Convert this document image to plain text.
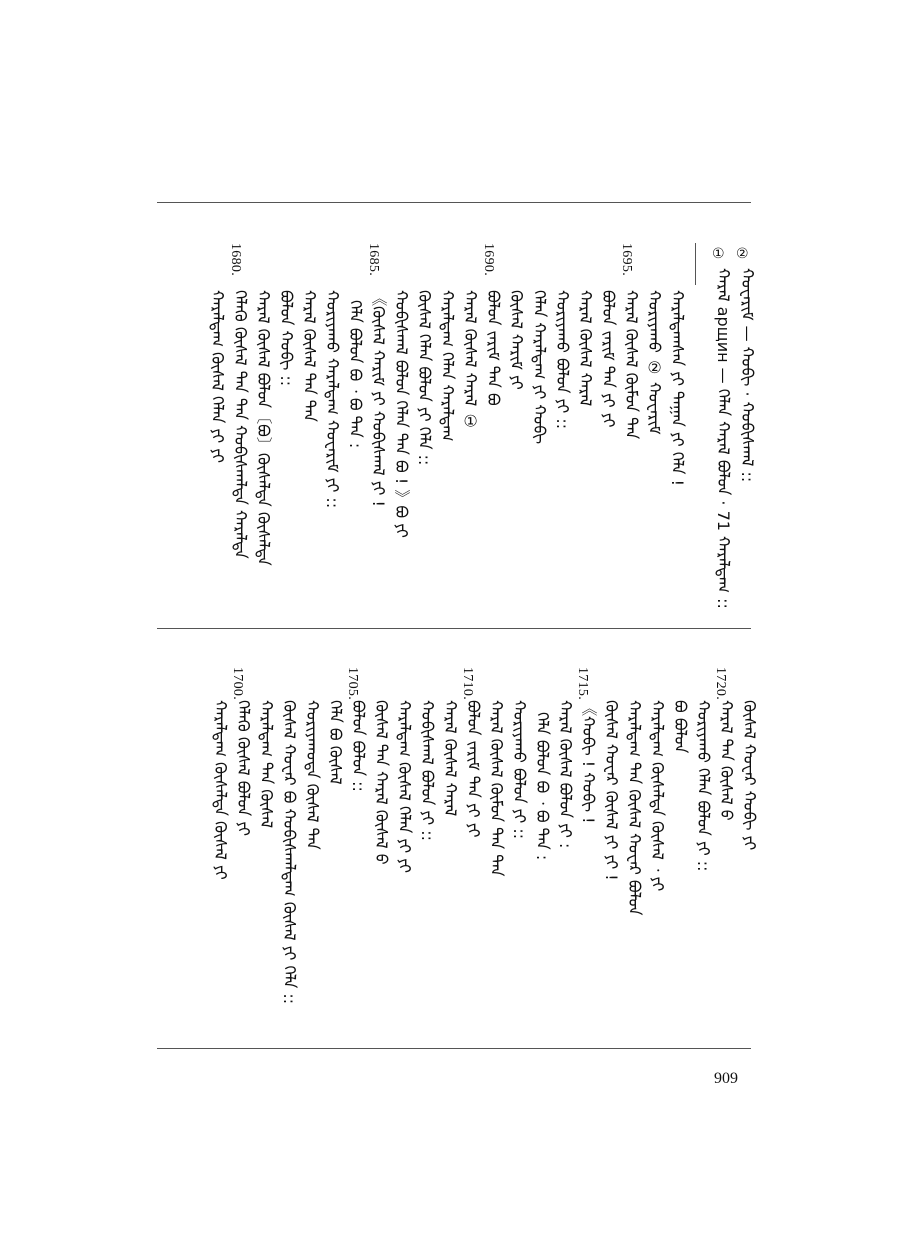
②
ᠬᠣᠸᠠᠷᠢᠮ — ᠬᠣᠪᠢ · ᠬᠤᠪᠢᠰᠬᠠᠯ ::
①
ᠬᠠᠷᠠᠯ арщин — ᠬᠡᠯᠡᠨ ᠬᠠᠷᠠᠯ ᠪᠣᠯᠤᠨ · 71 ᠬᠠᠷᠠᠯᠳᠠᠭ ::
ᠬᠠᠷᠠᠯᠳᠠᠭᠰᠠᠨ ᠶᠢ ᠳᠠᠭᠠᠨ ᠶᠢ ᠬᠡᠯᠡ !
ᠬᠤᠷᠢᠶᠠᠬᠤ ② ᠬᠣᠸᠠᠷᠢᠮ
ᠬᠠᠷᠠᠯ ᠬᠦᠰᠡᠯ ᠬᠦᠮᠦᠨ ᠲᠠᠨ
ᠪᠣᠯᠤᠨ ᠵᠠᠷᠢᠮ ᠲᠠᠨ ᠶᠢ ᠶᠢ
ᠬᠠᠷᠠᠯ ᠬᠦᠰᠡᠯ ᠬᠠᠷᠠᠯ
ᠬᠤᠷᠢᠶᠠᠬᠤ ᠪᠣᠯᠤᠨ ᠶᠢ ::
ᠬᠡᠯᠡᠨ ᠬᠠᠷᠠᠯᠳᠠᠭ ᠶᠢ ᠬᠤᠪᠢ
ᠬᠦᠰᠡᠯ ᠬᠠᠷᠢᠮ ᠶᠢ
ᠪᠣᠯᠤᠨ ᠵᠠᠷᠢᠮ ᠲᠠᠨ ᠪᠣ
ᠬᠠᠷᠠᠯ ᠬᠦᠰᠡᠯ ᠬᠠᠷᠠᠯ ①
ᠬᠠᠷᠠᠯᠳᠠᠭ ᠬᠡᠯᠡᠨ ᠬᠠᠷᠠᠯᠳᠠᠭ
ᠬᠦᠰᠡᠯ ᠬᠡᠯᠡᠨ ᠪᠣᠯᠤᠨ ᠶᠢ ᠬᠡᠯᠡ ::
ᠬᠤᠪᠢᠰᠬᠠᠯ ᠪᠣᠯᠤᠨ ᠬᠡᠯᠡᠨ ᠲᠠᠨ ᠪᠣ ! 》ᠪᠣ ᠶᠢ
《ᠬᠦᠰᠡᠯ ᠬᠠᠷᠢᠮ ᠶᠢ ᠬᠤᠪᠢᠰᠬᠠᠯ ᠶᠢ !
ᠬᠡᠯᠡ ᠪᠣᠯᠤᠨ ᠪᠣ ᠂ ᠪᠣ ᠲᠠᠨ :
ᠬᠤᠷᠢᠶᠠᠬᠤ ᠬᠠᠷᠠᠯᠳᠠᠭ ᠬᠣᠸᠠᠷᠢᠮ ᠶᠢ ::
ᠬᠠᠷᠠᠯ ᠬᠦᠰᠡᠯ ᠲᠠᠨ ᠲᠠᠨ
ᠪᠣᠯᠤᠨ ᠬᠤᠪᠢ ::
ᠬᠠᠷᠠᠯ ᠬᠦᠰᠡᠯ ᠪᠣᠯᠤᠨ〔ᠪᠣ〕ᠬᠦᠰᠡᠯᠳᠡ ᠬᠦᠰᠡᠯᠳᠡ
ᠬᠡᠯᠡᠬᠦ ᠬᠦᠰᠡᠯ ᠲᠠᠨ ᠲᠠᠨ ᠬᠤᠪᠢᠰᠬᠠᠯᠳᠠ ᠬᠠᠷᠠᠯᠳᠠ
ᠬᠠᠷᠠᠯᠳᠠᠭ ᠬᠦᠰᠡᠯ ᠬᠡᠯᠡᠨ ᠶᠢ ᠶᠢ
1695.
1690.
1685.
1680.
ᠬᠦᠰᠡᠯ ᠬᠣᠸᠠᠷ ᠬᠤᠪᠢ ᠶᠢ
ᠬᠠᠷᠠᠯ ᠲᠠᠨ ᠬᠦᠰᠡᠯ ᠪ
ᠬᠤᠷᠢᠶᠠᠬᠤ ᠬᠡᠯᠡᠨ ᠪᠣᠯᠤᠨ ᠶᠢ ::
ᠪᠣ ᠪᠣᠯᠤᠨ
ᠬᠠᠷᠠᠯᠳᠠᠭ ᠬᠦᠰᠡᠯᠳᠡ ᠬᠦᠰᠡᠯ ᠂ ᠶᠢ
ᠬᠠᠷᠠᠯᠳᠠᠭ ᠲᠠᠨ ᠬᠦᠰᠡᠯ ᠬᠣᠸᠠᠷ ᠪᠣᠯᠤᠨ
ᠬᠦᠰᠡᠯ ᠬᠣᠸᠠᠷ ᠬᠦᠰᠡᠯ ᠶᠢ ᠶᠢ !
《ᠬᠤᠪᠢ ! ᠬᠤᠪᠢ !
ᠬᠠᠷᠠᠯ ᠬᠦᠰᠡᠯ ᠪᠣᠯᠤᠨ ᠶᠢ :
ᠬᠡᠯᠡ ᠪᠣᠯᠤᠨ ᠪᠣ ᠂ ᠪᠣ ᠲᠠᠨ :
ᠬᠤᠷᠢᠶᠠᠬᠤ ᠪᠣᠯᠤᠨ ᠶᠢ ::
ᠬᠠᠷᠠᠯ ᠬᠦᠰᠡᠯ ᠬᠦᠮᠦᠨ ᠲᠠᠨ ᠲᠠᠨ
ᠪᠣᠯᠤᠨ ᠵᠠᠷᠢᠮ ᠲᠠᠨ ᠶᠢ ᠶᠢ
ᠬᠠᠷᠠᠯ ᠬᠦᠰᠡᠯ ᠬᠠᠷᠠᠯ
ᠬᠤᠪᠢᠰᠬᠠᠯ ᠪᠣᠯᠤᠨ ᠶᠢ ::
ᠬᠠᠷᠠᠯᠳᠠᠭ ᠬᠦᠰᠡᠯ ᠬᠡᠯᠡᠨ ᠶᠢ ᠶᠢ
ᠬᠦᠰᠡᠯ ᠲᠠᠨ ᠬᠠᠷᠠᠯ ᠬᠦᠰᠡᠯ ᠪ
ᠪᠣᠯᠤᠨ ᠪᠣᠯᠤᠨ ::
ᠬᠡᠯᠡ ᠪᠣ ᠬᠦᠰᠡᠯ
ᠬᠤᠷᠢᠶᠠᠬᠤᠳᠠ ᠬᠦᠰᠡᠯ ᠲᠠᠨ
ᠬᠦᠰᠡᠯ ᠬᠣᠸᠠᠷ ᠪᠣ ᠬᠤᠪᠢᠰᠬᠠᠯᠳᠠᠭ ᠬᠦᠰᠡᠯ ᠶᠢ ᠬᠡᠯᠡ ::
ᠬᠠᠷᠠᠯᠳᠠᠭ ᠲᠠᠨ ᠬᠦᠰᠡᠯ
ᠬᠡᠯᠡᠬᠦ ᠬᠦᠰᠡᠯ ᠪᠣᠯᠤᠨ ᠶᠢ
ᠬᠠᠷᠠᠯᠳᠠᠭ ᠬᠦᠰᠡᠯᠳᠡ ᠬᠦᠰᠡᠯ ᠶᠢ
1720.
1715.
1710.
1705.
1700.
909
